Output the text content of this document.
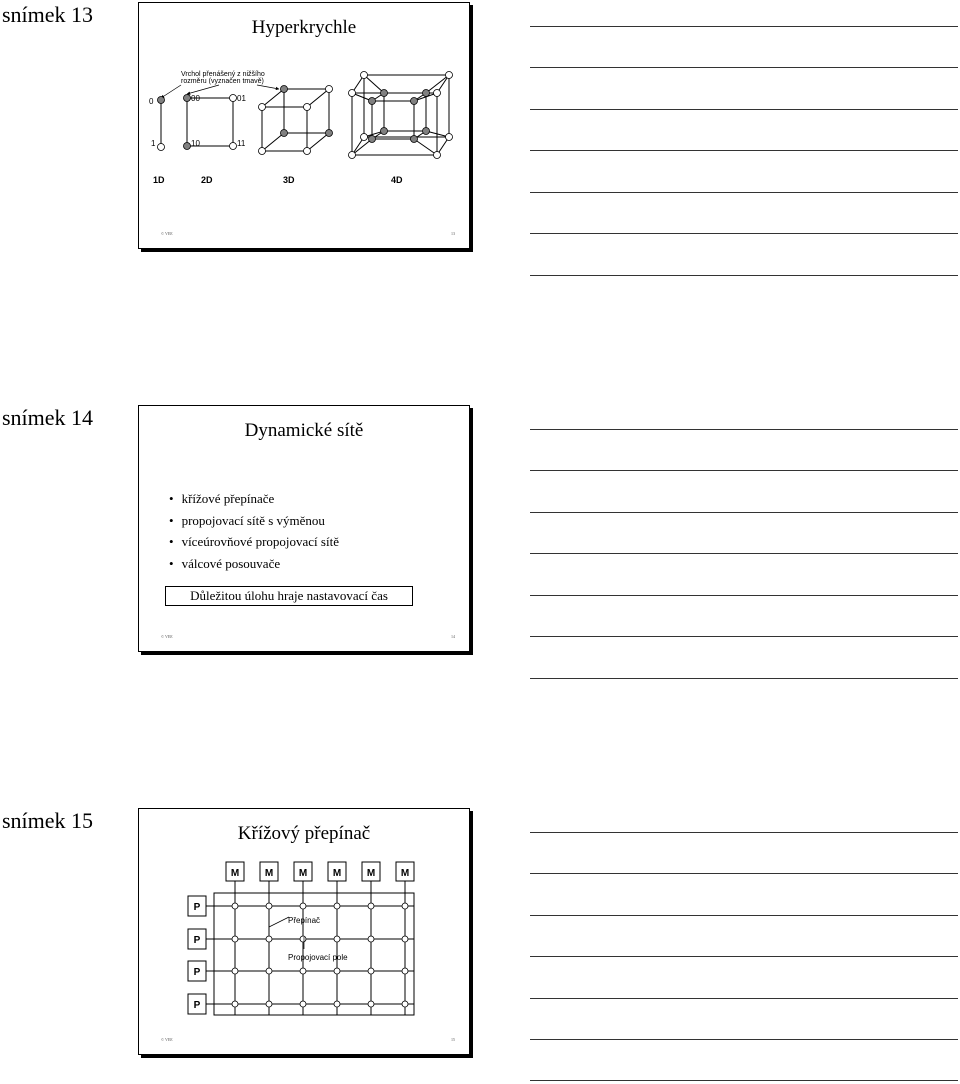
snímek 13
Hyperkrychle
Vrchol přenášený z nižšího
rozměru (vyznačen tmavě)
0
1
00	01
10	11
1D	2D	3D	4D
© VEE	13
snímek 14
Dynamické sítě
• křížové přepínače
• propojovací sítě s výměnou
• víceúrovňové propojovací sítě
• válcové posouvače
Důležitou úlohu hraje nastavovací čas
© VEE	14
snímek 15
Křížový přepínač
M	M	M	M	M	M
P
P
P
P
Přepínač
Propojovací pole
© VEE	15
